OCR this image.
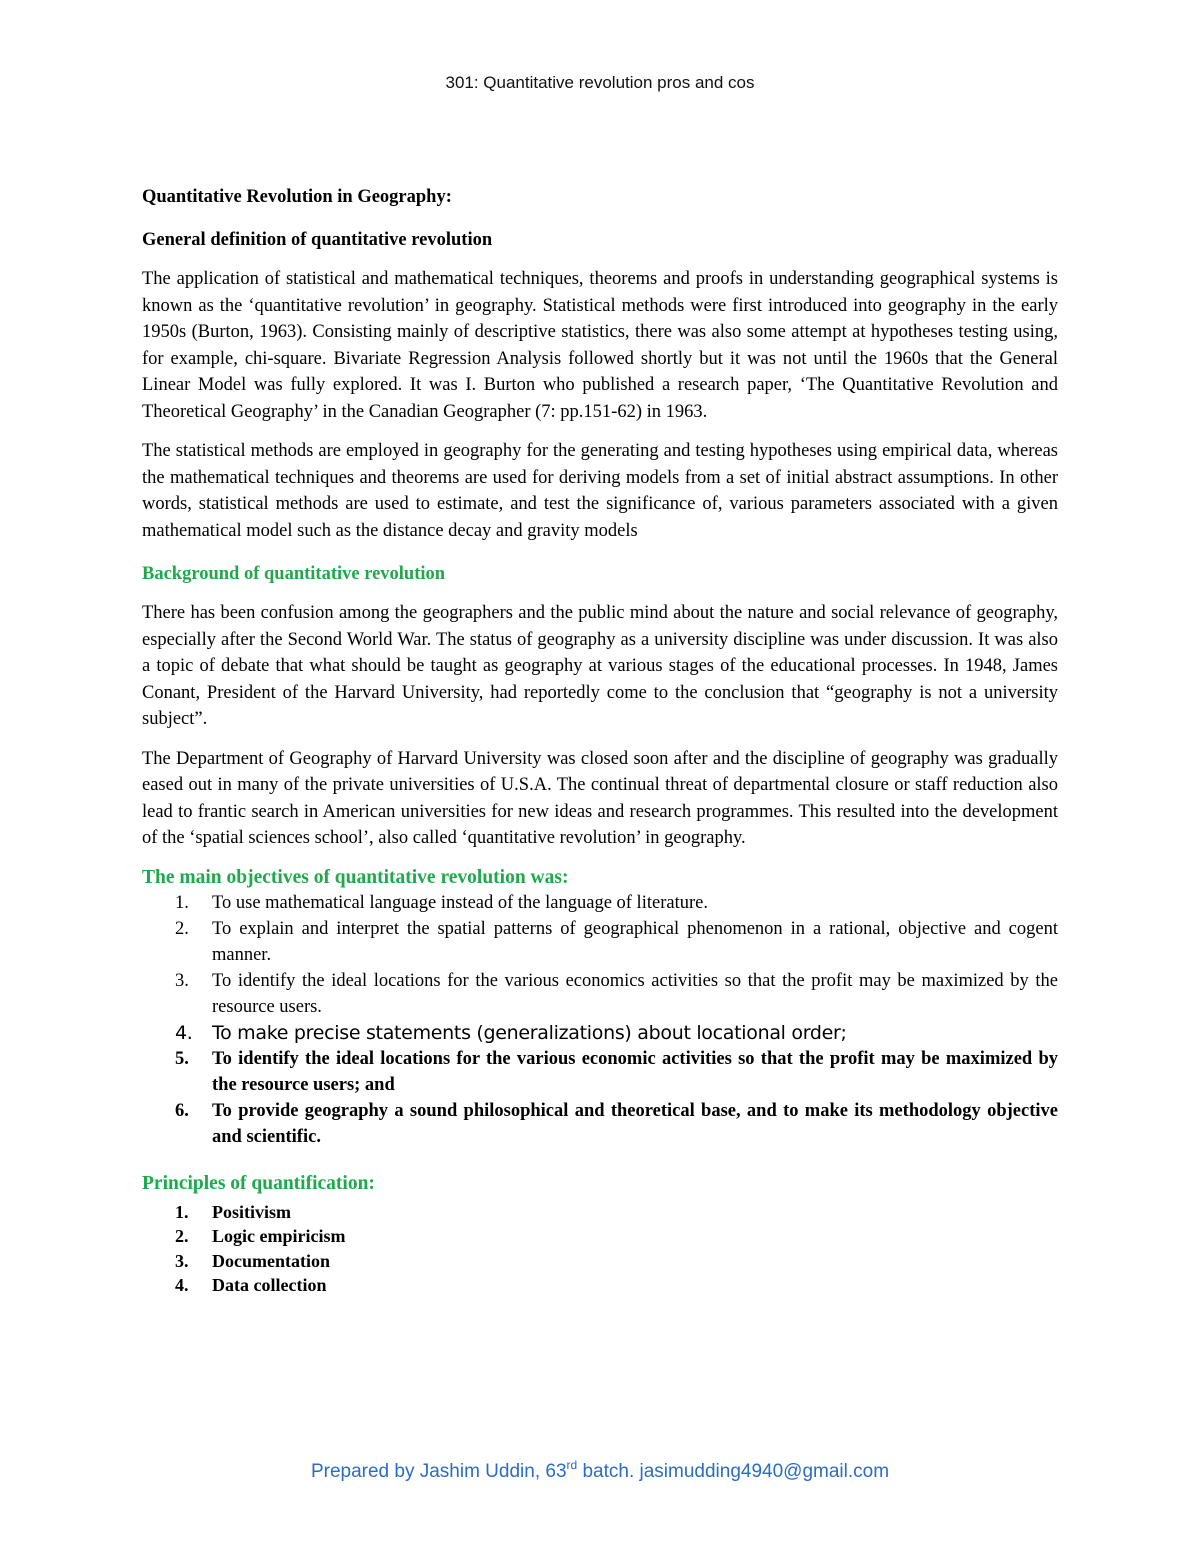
301: Quantitative revolution pros and cos
Quantitative Revolution in Geography:
General definition of quantitative revolution

The application of statistical and mathematical techniques, theorems and proofs in understanding geographical systems is known as the ‘quantitative revolution’ in geography. Statistical methods were first introduced into geography in the early 1950s (Burton, 1963). Consisting mainly of descriptive statistics, there was also some attempt at hypotheses testing using, for example, chi-square. Bivariate Regression Analysis followed shortly but it was not until the 1960s that the General Linear Model was fully explored. It was I. Burton who published a research paper, ‘The Quantitative Revolution and Theoretical Geography’ in the Canadian Geographer (7: pp.151-62) in 1963.

The statistical methods are employed in geography for the generating and testing hypotheses using empirical data, whereas the mathematical techniques and theorems are used for deriving models from a set of initial abstract assumptions. In other words, statistical methods are used to estimate, and test the significance of, various parameters associated with a given mathematical model such as the distance decay and gravity models

Background of quantitative revolution

There has been confusion among the geographers and the public mind about the nature and social relevance of geography, especially after the Second World War. The status of geography as a university discipline was under discussion. It was also a topic of debate that what should be taught as geography at various stages of the educational processes. In 1948, James Conant, President of the Harvard University, had reportedly come to the conclusion that “geography is not a university subject”.

The Department of Geography of Harvard University was closed soon after and the discipline of geography was gradually eased out in many of the private universities of U.S.A. The continual threat of departmental closure or staff reduction also lead to frantic search in American universities for new ideas and research programmes. This resulted into the development of the ‘spatial sciences school’, also called ‘quantitative revolution’ in geography.

The main objectives of quantitative revolution was:
1. To use mathematical language instead of the language of literature.
2. To explain and interpret the spatial patterns of geographical phenomenon in a rational, objective and cogent manner.
3. To identify the ideal locations for the various economics activities so that the profit may be maximized by the resource users.
4. To make precise statements (generalizations) about locational order;
5. To identify the ideal locations for the various economic activities so that the profit may be maximized by the resource users; and
6. To provide geography a sound philosophical and theoretical base, and to make its methodology objective and scientific.
Principles of quantification:
1. Positivism
2. Logic empiricism
3. Documentation
4. Data collection
Prepared by Jashim Uddin, 63rd batch. jasimudding4940@gmail.com
